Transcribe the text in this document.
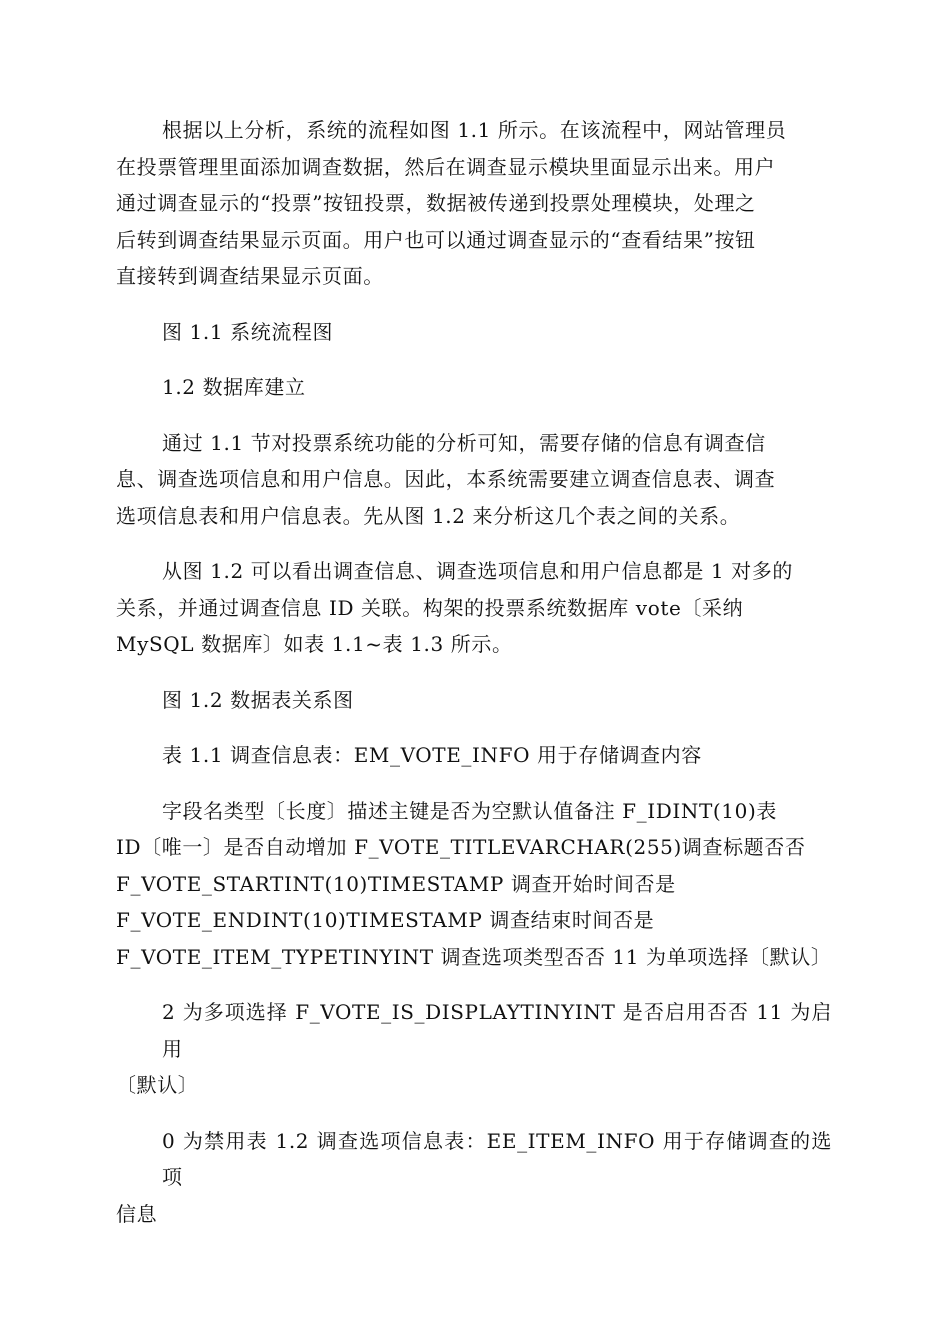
根据以上分析，系统的流程如图 1.1 所示。在该流程中，网站管理员
在投票管理里面添加调查数据，然后在调查显示模块里面显示出来。用户
通过调查显示的“投票”按钮投票，数据被传递到投票处理模块，处理之
后转到调查结果显示页面。用户也可以通过调查显示的“查看结果”按钮
直接转到调查结果显示页面。

图 1.1 系统流程图

1.2 数据库建立

通过 1.1 节对投票系统功能的分析可知，需要存储的信息有调查信
息、调查选项信息和用户信息。因此，本系统需要建立调查信息表、调查
选项信息表和用户信息表。先从图 1.2 来分析这几个表之间的关系。

从图 1.2 可以看出调查信息、调查选项信息和用户信息都是 1 对多的
关系，并通过调查信息 ID 关联。构架的投票系统数据库 vote〔采纳
MySQL 数据库〕如表 1.1~表 1.3 所示。

图 1.2 数据表关系图

表 1.1 调查信息表：EM_VOTE_INFO 用于存储调查内容

字段名类型〔长度〕描述主键是否为空默认值备注 F_IDINT(10)表
ID〔唯一〕是否自动增加 F_VOTE_TITLEVARCHAR(255)调查标题否否
F_VOTE_STARTINT(10)TIMESTAMP 调查开始时间否是
F_VOTE_ENDINT(10)TIMESTAMP 调查结束时间否是
F_VOTE_ITEM_TYPETINYINT 调查选项类型否否 11 为单项选择〔默认〕

2 为多项选择 F_VOTE_IS_DISPLAYTINYINT 是否启用否否 11 为启用
〔默认〕

0 为禁用表 1.2 调查选项信息表：EE_ITEM_INFO 用于存储调查的选项
信息
